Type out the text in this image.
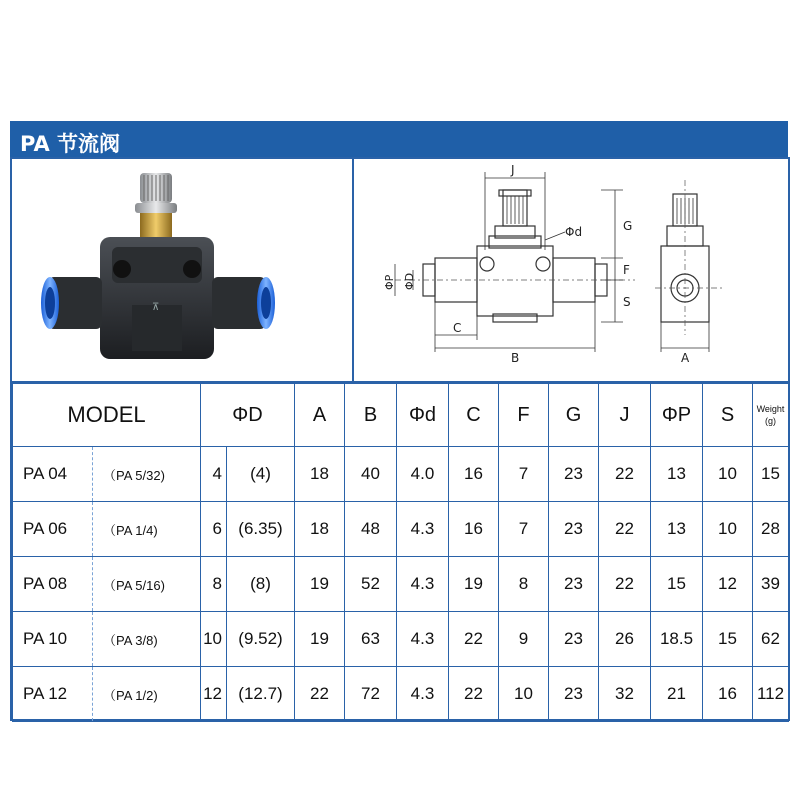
PA 节流阀
⊼
J
Φd	G
F
S
ΦP ΦD
C
B	A
MODEL		ΦD		A	B	Φd	C	F	G	J	ΦP	S	Weight
(g)
PA 04	（PA 5/32)	4	(4)	18	40	4.0	16	7	23	22	13	10	15
PA 06	（PA 1/4)	6	(6.35)	18	48	4.3	16	7	23	22	13	10	28
PA 08	（PA 5/16)	8	(8)	19	52	4.3	19	8	23	22	15	12	39
PA 10	（PA 3/8)	10	(9.52)	19	63	4.3	22	9	23	26	18.5	15	62
PA 12	（PA 1/2)	12	(12.7)	22	72	4.3	22	10	23	32	21	16	112
